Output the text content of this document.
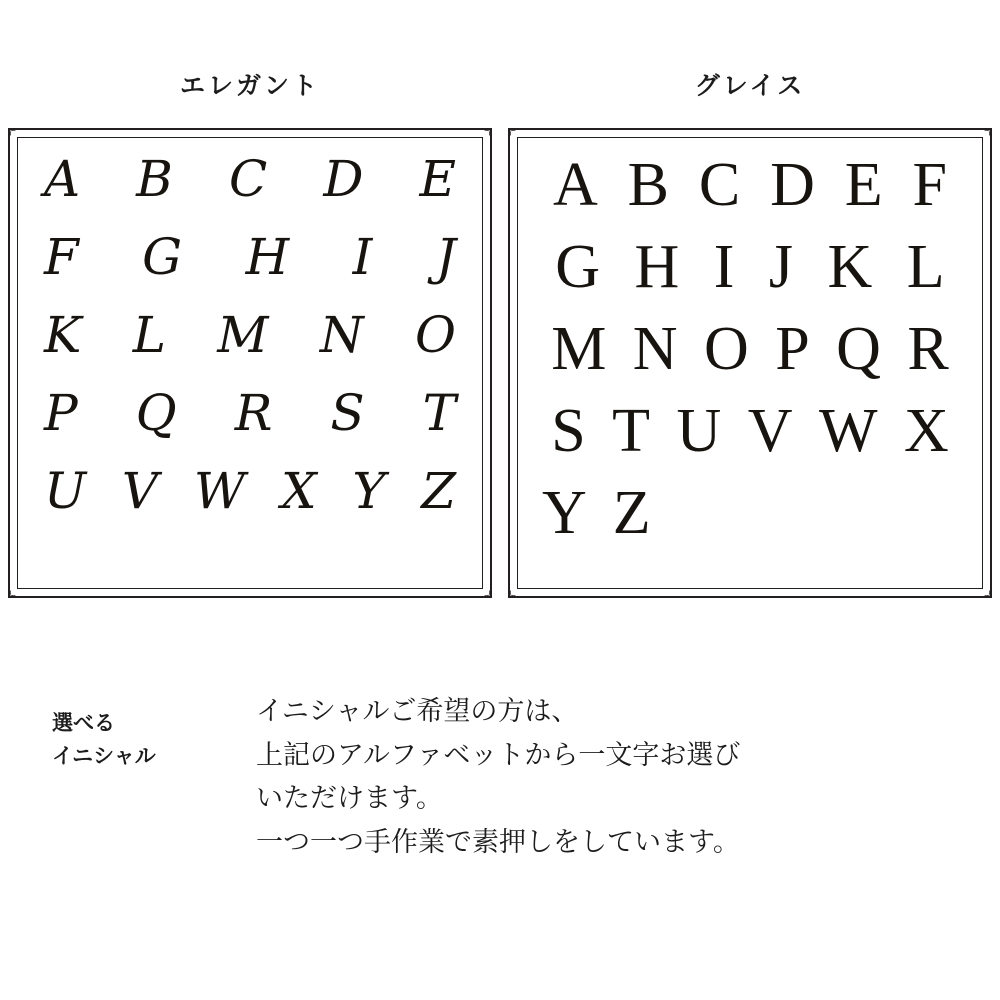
エレガント	グレイス
A B C D E
F G H I J
K L M N O
P Q R S T
U V W X Y Z
A B C D E F
G H I J K L
M N O P Q R
S T U V W X
Y Z
選べる
イニシャル
イニシャルご希望の方は、
上記のアルファベットから一文字お選び
いただけます。
一つ一つ手作業で素押しをしています。
